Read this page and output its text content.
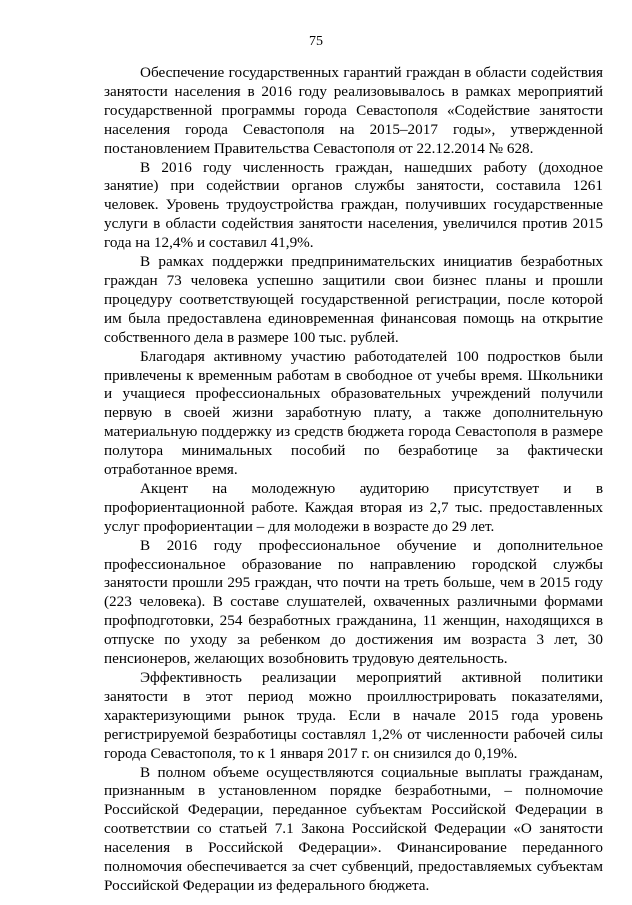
75

Обеспечение государственных гарантий граждан в области содействия занятости населения в 2016 году реализовывалось в рамках мероприятий государственной программы города Севастополя «Содействие занятости населения города Севастополя на 2015–2017 годы», утвержденной постановлением Правительства Севастополя от 22.12.2014 № 628.

В 2016 году численность граждан, нашедших работу (доходное занятие) при содействии органов службы занятости, составила 1261 человек. Уровень трудоустройства граждан, получивших государственные услуги в области содействия занятости населения, увеличился против 2015 года на 12,4% и составил 41,9%.

В рамках поддержки предпринимательских инициатив безработных граждан 73 человека успешно защитили свои бизнес планы и прошли процедуру соответствующей государственной регистрации, после которой им была предоставлена единовременная финансовая помощь на открытие собственного дела в размере 100 тыс. рублей.

Благодаря активному участию работодателей 100 подростков были привлечены к временным работам в свободное от учебы время. Школьники и учащиеся профессиональных образовательных учреждений получили первую в своей жизни заработную плату, а также дополнительную материальную поддержку из средств бюджета города Севастополя в размере полутора минимальных пособий по безработице за фактически отработанное время.

Акцент на молодежную аудиторию присутствует и в профориентационной работе. Каждая вторая из 2,7 тыс. предоставленных услуг профориентации – для молодежи в возрасте до 29 лет.

В 2016 году профессиональное обучение и дополнительное профессиональное образование по направлению городской службы занятости прошли 295 граждан, что почти на треть больше, чем в 2015 году (223 человека). В составе слушателей, охваченных различными формами профподготовки, 254 безработных гражданина, 11 женщин, находящихся в отпуске по уходу за ребенком до достижения им возраста 3 лет, 30 пенсионеров, желающих возобновить трудовую деятельность.

Эффективность реализации мероприятий активной политики занятости в этот период можно проиллюстрировать показателями, характеризующими рынок труда. Если в начале 2015 года уровень регистрируемой безработицы составлял 1,2% от численности рабочей силы города Севастополя, то к 1 января 2017 г. он снизился до 0,19%.

В полном объеме осуществляются социальные выплаты гражданам, признанным в установленном порядке безработными, – полномочие Российской Федерации, переданное субъектам Российской Федерации в соответствии со статьей 7.1 Закона Российской Федерации «О занятости населения в Российской Федерации». Финансирование переданного полномочия обеспечивается за счет субвенций, предоставляемых субъектам Российской Федерации из федерального бюджета.
